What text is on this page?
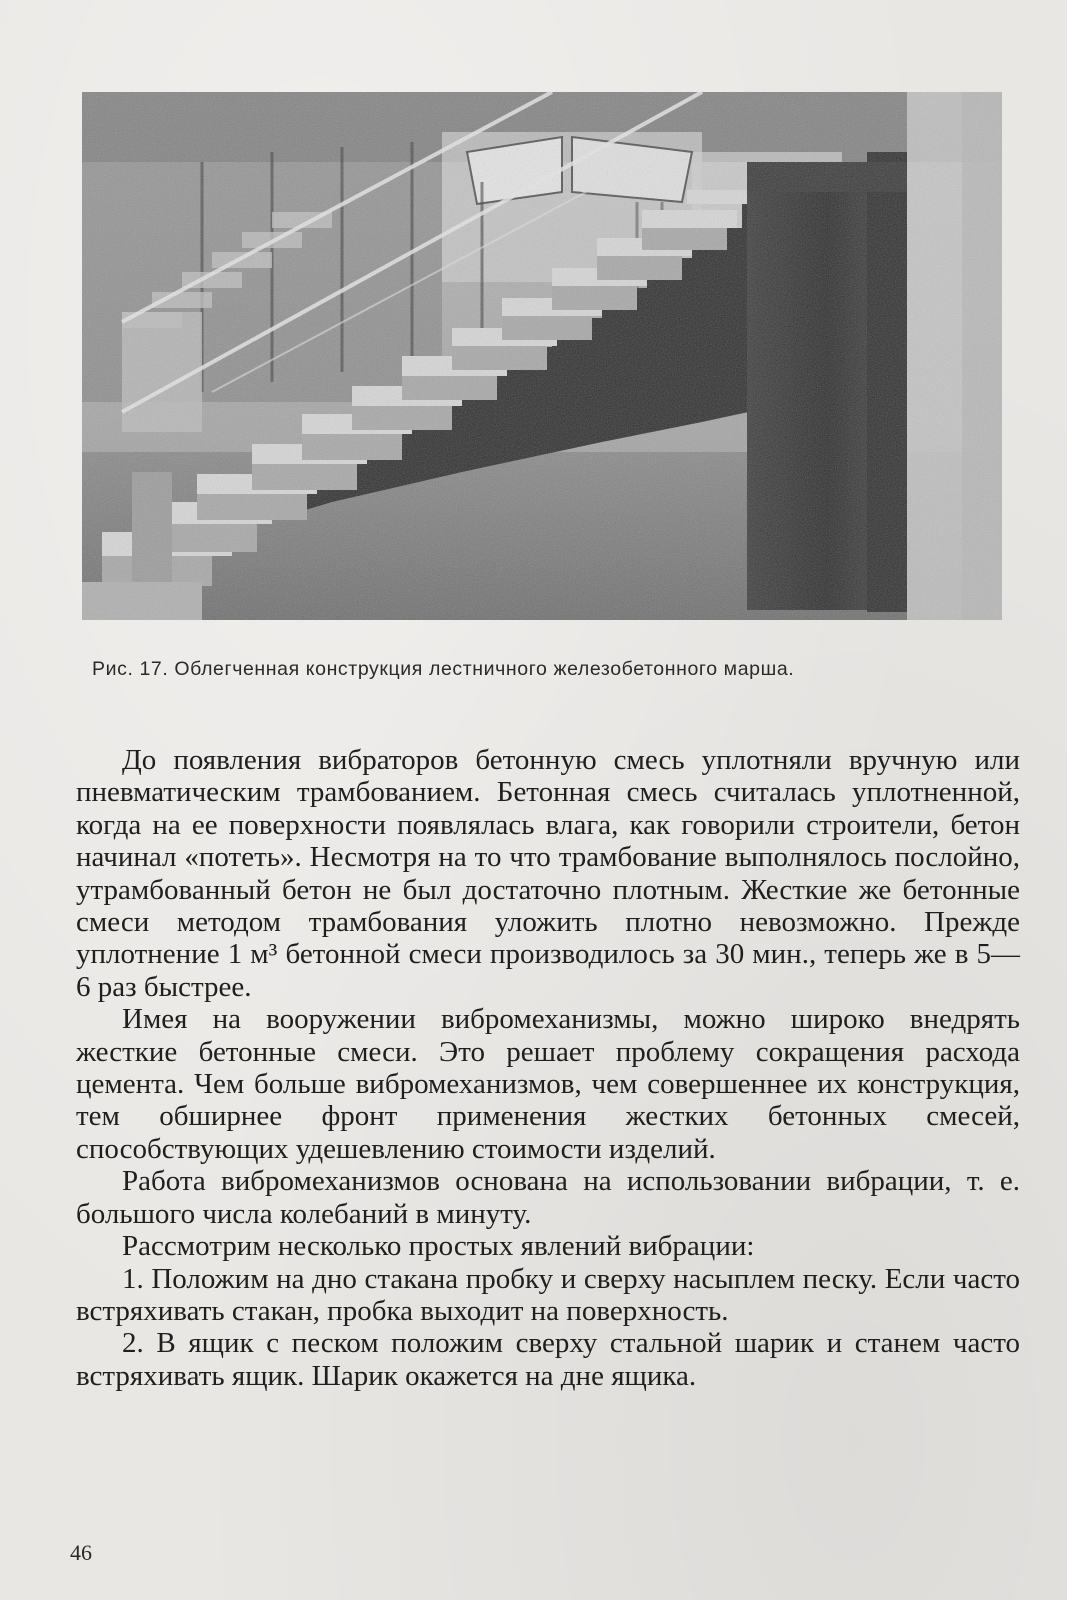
Рис. 17. Облегченная конструкция лестничного железобетонного марша.

До появления вибраторов бетонную смесь уплотняли вручную или пневматическим трамбованием. Бетонная смесь считалась уплотненной, когда на ее поверхности появлялась влага, как говорили строители, бетон начинал «потеть». Несмотря на то что трамбование выполнялось послойно, утрамбованный бетон не был достаточно плотным. Жесткие же бетонные смеси методом трамбования уложить плотно невозможно. Прежде уплотнение 1 м³ бетонной смеси производилось за 30 мин., теперь же в 5—6 раз быстрее.

Имея на вооружении вибромеханизмы, можно широко внедрять жесткие бетонные смеси. Это решает проблему сокращения расхода цемента. Чем больше вибромеханизмов, чем совершеннее их конструкция, тем обширнее фронт применения жестких бетонных смесей, способствующих удешевлению стоимости изделий.

Работа вибромеханизмов основана на использовании вибрации, т. е. большого числа колебаний в минуту.

Рассмотрим несколько простых явлений вибрации:

1. Положим на дно стакана пробку и сверху насыплем песку. Если часто встряхивать стакан, пробка выходит на поверхность.

2. В ящик с песком положим сверху стальной шарик и станем часто встряхивать ящик. Шарик окажется на дне ящика.

46
